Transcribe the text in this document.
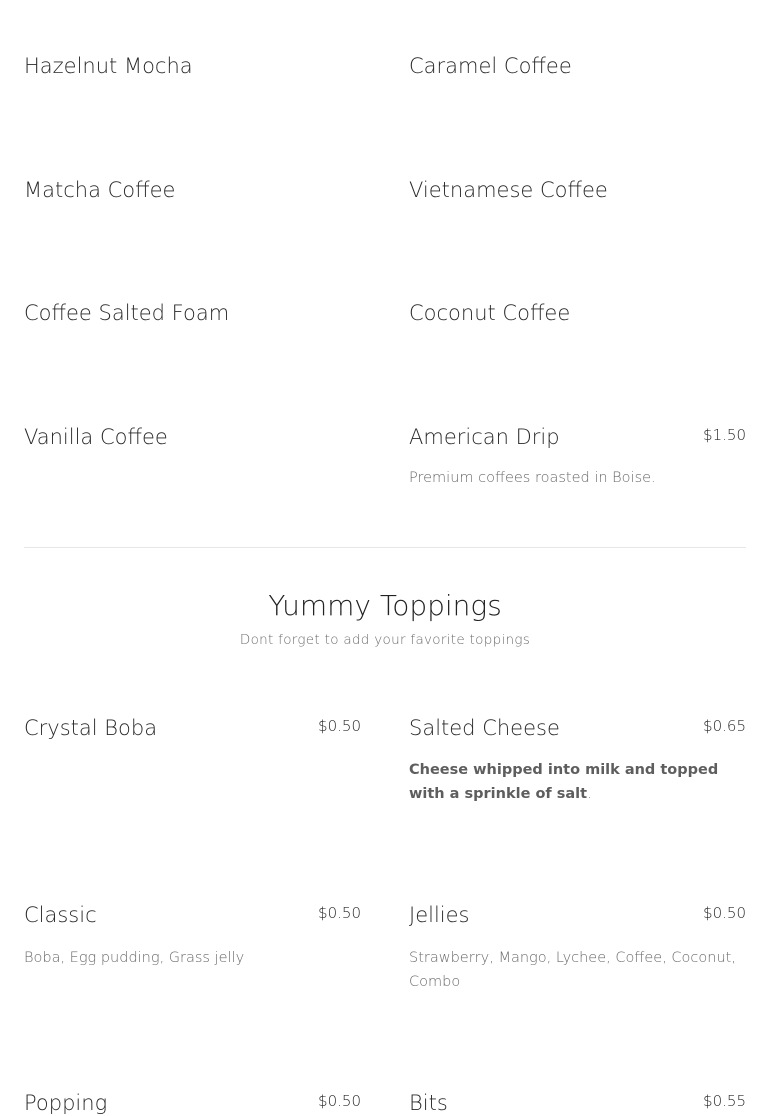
Hazelnut Mocha	Caramel Coffee
Matcha Coffee	Vietnamese Coffee
Coffee Salted Foam	Coconut Coffee
Vanilla Coffee	American Drip	$1.50
Premium coffees roasted in Boise.
Yummy Toppings
Dont forget to add your favorite toppings
Crystal Boba	$0.50 Salted Cheese	$0.65
Cheese whipped into milk and topped with a sprinkle of salt.
Classic	$0.50
Boba, Egg pudding, Grass jelly
Jellies	$0.50
Strawberry, Mango, Lychee, Coffee, Coconut, Combo
Popping	$0.50 Bits	$0.55
